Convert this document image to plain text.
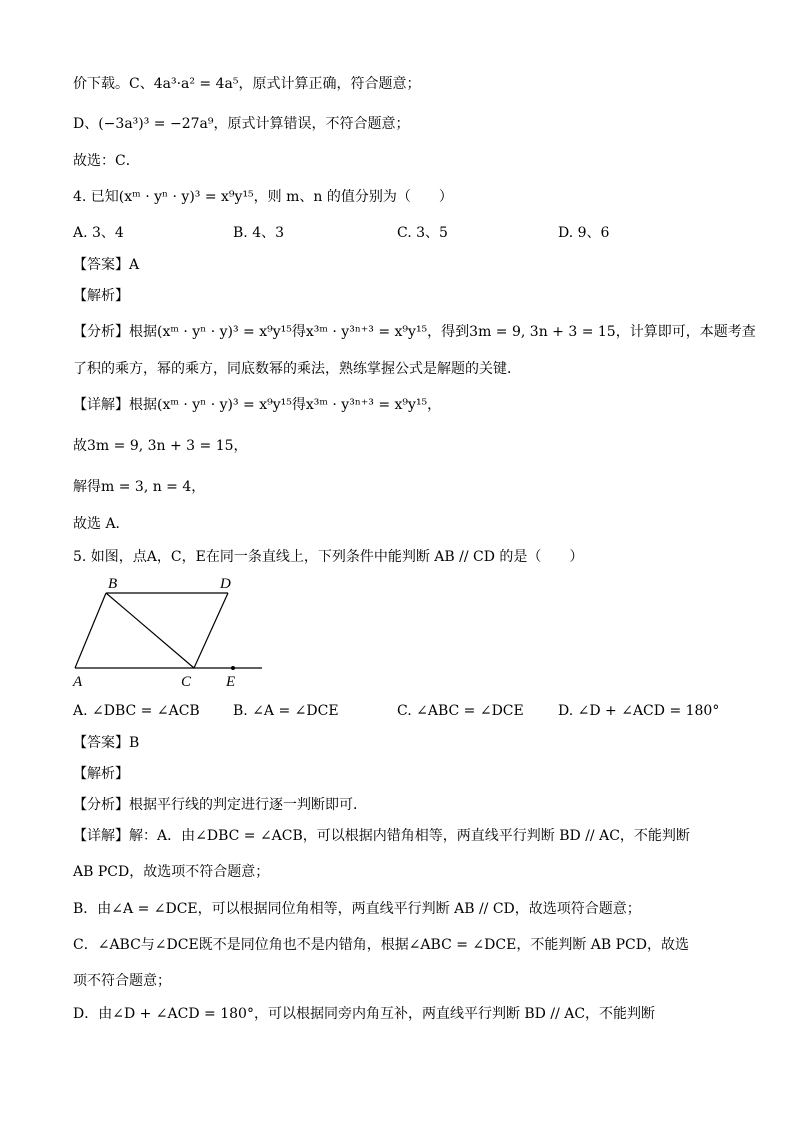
价下载。C、4a³·a² = 4a⁵，原式计算正确，符合题意；
D、(−3a³)³ = −27a⁹，原式计算错误，不符合题意；
故选：C．
4. 已知(xᵐ · yⁿ · y)³ = x⁹y¹⁵，则 m、n 的值分别为（　　）
A. 3、4	B. 4、3	C. 3、5	D. 9、6
【答案】A
【解析】
【分析】根据(xᵐ · yⁿ · y)³ = x⁹y¹⁵得x³ᵐ · y³ⁿ⁺³ = x⁹y¹⁵，得到3m = 9, 3n + 3 = 15，计算即可，本题考查
了积的乘方，幂的乘方，同底数幂的乘法，熟练掌握公式是解题的关键．
【详解】根据(xᵐ · yⁿ · y)³ = x⁹y¹⁵得x³ᵐ · y³ⁿ⁺³ = x⁹y¹⁵，
故3m = 9, 3n + 3 = 15，
解得m = 3, n = 4，
故选 A．
5. 如图，点A，C，E在同一条直线上，下列条件中能判断 AB // CD 的是（　　）
B	D
A	C E
A. ∠DBC = ∠ACB B. ∠A = ∠DCE	C. ∠ABC = ∠DCE D. ∠D + ∠ACD = 180°
【答案】B
【解析】
【分析】根据平行线的判定进行逐一判断即可．
【详解】解：A．由∠DBC = ∠ACB，可以根据内错角相等，两直线平行判断 BD // AC，不能判断
AB PCD，故选项不符合题意；
B．由∠A = ∠DCE，可以根据同位角相等，两直线平行判断 AB // CD，故选项符合题意；
C．∠ABC与∠DCE既不是同位角也不是内错角，根据∠ABC = ∠DCE，不能判断 AB PCD，故选
项不符合题意；
D．由∠D + ∠ACD = 180°，可以根据同旁内角互补，两直线平行判断 BD // AC，不能判断
